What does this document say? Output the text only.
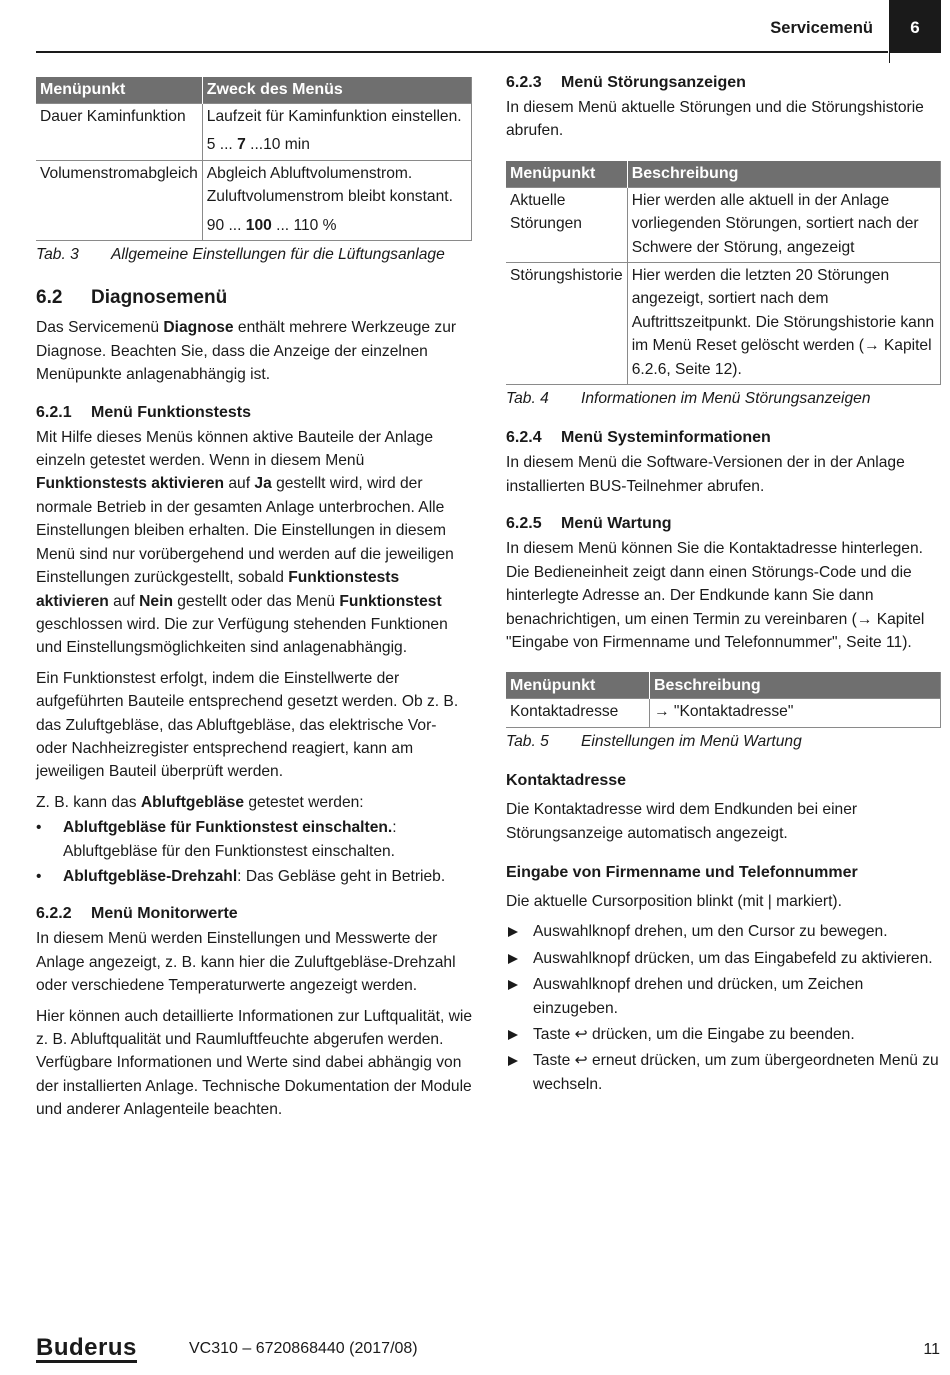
Servicemenü	6
Menüpunkt	Zweck des Menüs
Dauer Kaminfunktion	Laufzeit für Kaminfunktion einstellen.
5 ... 7 ...10 min

Volumenstromabgleich	Abgleich Abluftvolumenstrom. Zuluftvolumenstrom bleibt konstant.
90 ... 100 ... 110 %
Tab. 3	Allgemeine Einstellungen für die Lüftungsanlage
6.2 Diagnosemenü

Das Servicemenü Diagnose enthält mehrere Werkzeuge zur Diagnose. Beachten Sie, dass die Anzeige der einzelnen Menüpunkte anlagenabhängig ist.

6.2.1 Menü Funktionstests

Mit Hilfe dieses Menüs können aktive Bauteile der Anlage einzeln getestet werden. Wenn in diesem Menü Funktionstests aktivieren auf Ja gestellt wird, wird der normale Betrieb in der gesamten Anlage unterbrochen. Alle Einstellungen bleiben erhalten. Die Einstellungen in diesem Menü sind nur vorübergehend und werden auf die jeweiligen Einstellungen zurückgestellt, sobald Funktionstests aktivieren auf Nein gestellt oder das Menü Funktionstest geschlossen wird. Die zur Verfügung stehenden Funktionen und Einstellungsmöglichkeiten sind anlagenabhängig.

Ein Funktionstest erfolgt, indem die Einstellwerte der aufgeführten Bauteile entsprechend gesetzt werden. Ob z. B. das Zuluftgebläse, das Abluftgebläse, das elektrische Vor- oder Nachheizregister entsprechend reagiert, kann am jeweiligen Bauteil überprüft werden.

Z. B. kann das Abluftgebläse getestet werden:

• Abluftgebläse für Funktionstest einschalten.: Abluftgebläse für den Funktionstest einschalten.
• Abluftgebläse-Drehzahl: Das Gebläse geht in Betrieb.
6.2.2 Menü Monitorwerte

In diesem Menü werden Einstellungen und Messwerte der Anlage angezeigt, z. B. kann hier die Zuluftgebläse-Drehzahl oder verschiedene Temperaturwerte angezeigt werden.

Hier können auch detaillierte Informationen zur Luftqualität, wie z. B. Abluftqualität und Raumluftfeuchte abgerufen werden. Verfügbare Informationen und Werte sind dabei abhängig von der installierten Anlage. Technische Dokumentation der Module und anderer Anlagenteile beachten.

6.2.3 Menü Störungsanzeigen

In diesem Menü aktuelle Störungen und die Störungshistorie abrufen.

Menüpunkt	Beschreibung
Aktuelle Störungen	Hier werden alle aktuell in der Anlage vorliegenden Störungen, sortiert nach der Schwere der Störung, angezeigt
Störungshistorie	Hier werden die letzten 20 Störungen angezeigt, sortiert nach dem Auftrittszeitpunkt. Die Störungshistorie kann im Menü Reset gelöscht werden (→ Kapitel 6.2.6, Seite 12).
Tab. 4	Informationen im Menü Störungsanzeigen
6.2.4 Menü Systeminformationen

In diesem Menü die Software-Versionen der in der Anlage installierten BUS-Teilnehmer abrufen.

6.2.5 Menü Wartung

In diesem Menü können Sie die Kontaktadresse hinterlegen. Die Bedieneinheit zeigt dann einen Störungs-Code und die hinterlegte Adresse an. Der Endkunde kann Sie dann benachrichtigen, um einen Termin zu vereinbaren (→ Kapitel "Eingabe von Firmenname und Telefonnummer", Seite 11).

Menüpunkt	Beschreibung
Kontaktadresse	→ "Kontaktadresse"
Tab. 5	Einstellungen im Menü Wartung
Kontaktadresse

Die Kontaktadresse wird dem Endkunden bei einer Störungsanzeige automatisch angezeigt.

Eingabe von Firmenname und Telefonnummer

Die aktuelle Cursorposition blinkt (mit | markiert).

Auswahlknopf drehen, um den Cursor zu bewegen.
Auswahlknopf drücken, um das Eingabefeld zu aktivieren.
Auswahlknopf drehen und drücken, um Zeichen einzugeben.
Taste ↩ drücken, um die Eingabe zu beenden.
Taste ↩ erneut drücken, um zum übergeordneten Menü zu wechseln.
Buderus	VC310 – 6720868440 (2017/08)	11
